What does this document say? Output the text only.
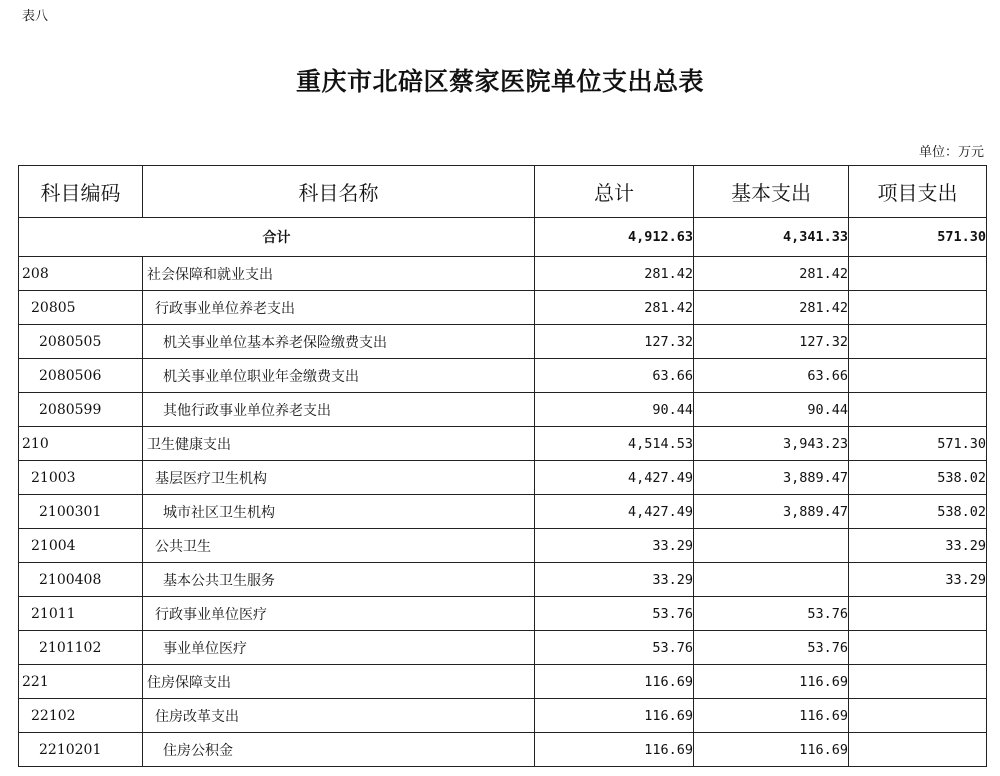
表八
重庆市北碚区蔡家医院单位支出总表
单位：万元
科目编码	科目名称	总计	基本支出	项目支出
合计		4,912.63	4,341.33	571.30
208	社会保障和就业支出	281.42	281.42	
20805	行政事业单位养老支出	281.42	281.42	
2080505	机关事业单位基本养老保险缴费支出	127.32	127.32	
2080506	机关事业单位职业年金缴费支出	63.66	63.66	
2080599	其他行政事业单位养老支出	90.44	90.44	
210	卫生健康支出	4,514.53	3,943.23	571.30
21003	基层医疗卫生机构	4,427.49	3,889.47	538.02
2100301	城市社区卫生机构	4,427.49	3,889.47	538.02
21004	公共卫生	33.29		33.29
2100408	基本公共卫生服务	33.29		33.29
21011	行政事业单位医疗	53.76	53.76	
2101102	事业单位医疗	53.76	53.76	
221	住房保障支出	116.69	116.69	
22102	住房改革支出	116.69	116.69	
2210201	住房公积金	116.69	116.69	
